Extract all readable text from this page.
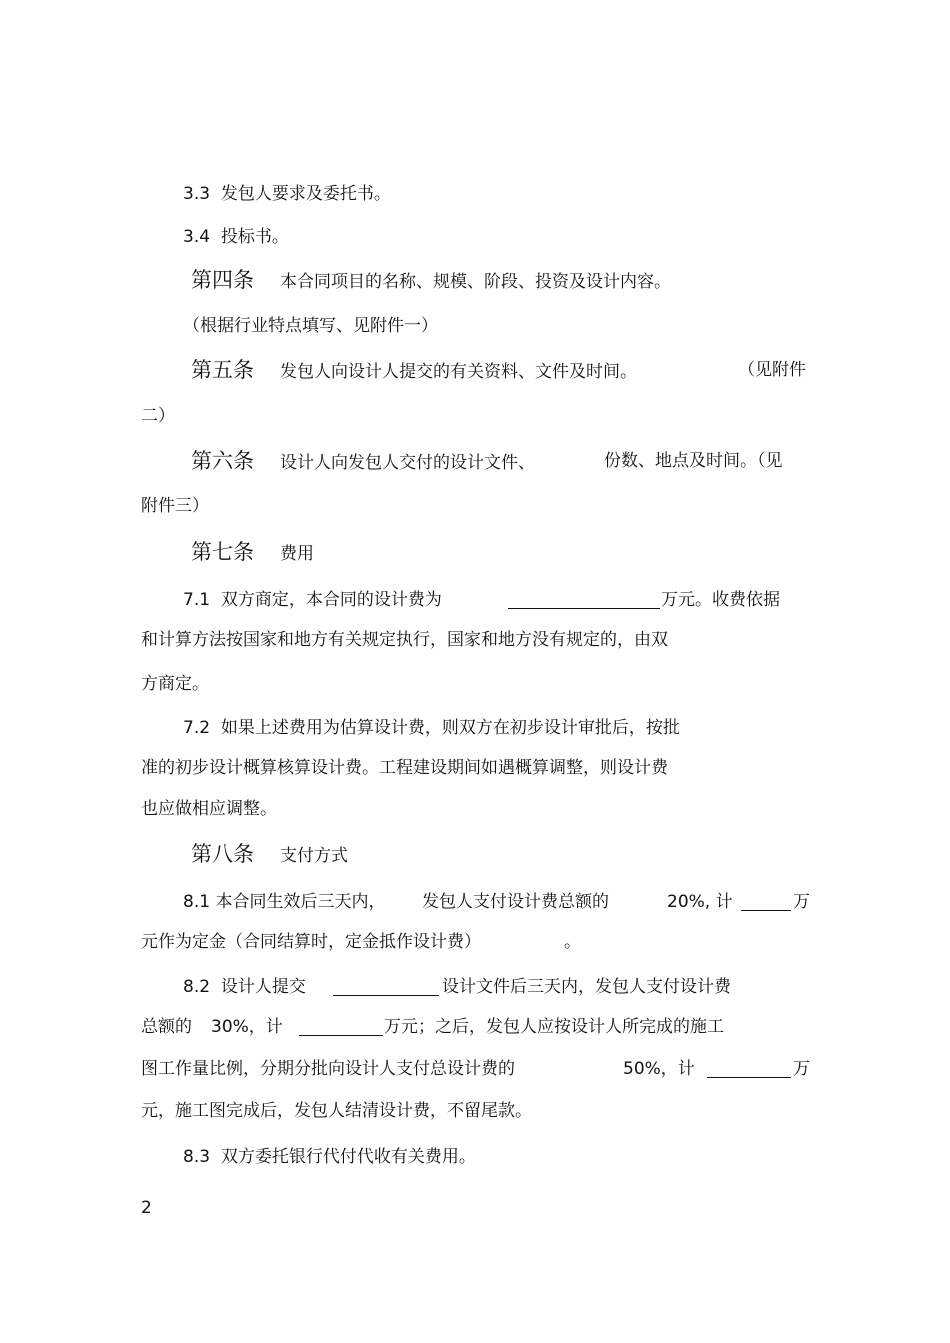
3.3 发包人要求及委托书。
3.4 投标书。
第四条 本合同项目的名称、规模、阶段、投资及设计内容。
（根据行业特点填写、见附件一）
第五条 发包人向设计人提交的有关资料、文件及时间。	（见附件
二）
第六条 设计人向发包人交付的设计文件、	份数、地点及时间。（见
附件三）
第七条 费用
7.1 双方商定，本合同的设计费为	万元。收费依据
和计算方法按国家和地方有关规定执行，国家和地方没有规定的，由双
方商定。
7.2 如果上述费用为估算设计费，则双方在初步设计审批后，按批
准的初步设计概算核算设计费。工程建设期间如遇概算调整，则设计费
也应做相应调整。
第八条 支付方式
8.1 本合同生效后三天内， 发包人支付设计费总额的	20%, 计	万
元作为定金（合同结算时，定金抵作设计费）	。
8.2 设计人提交	设计文件后三天内，发包人支付设计费
总额的 30%，计	万元；之后，发包人应按设计人所完成的施工
图工作量比例，分期分批向设计人支付总设计费的	50%，计	万
元，施工图完成后，发包人结清设计费，不留尾款。
8.3 双方委托银行代付代收有关费用。
2
